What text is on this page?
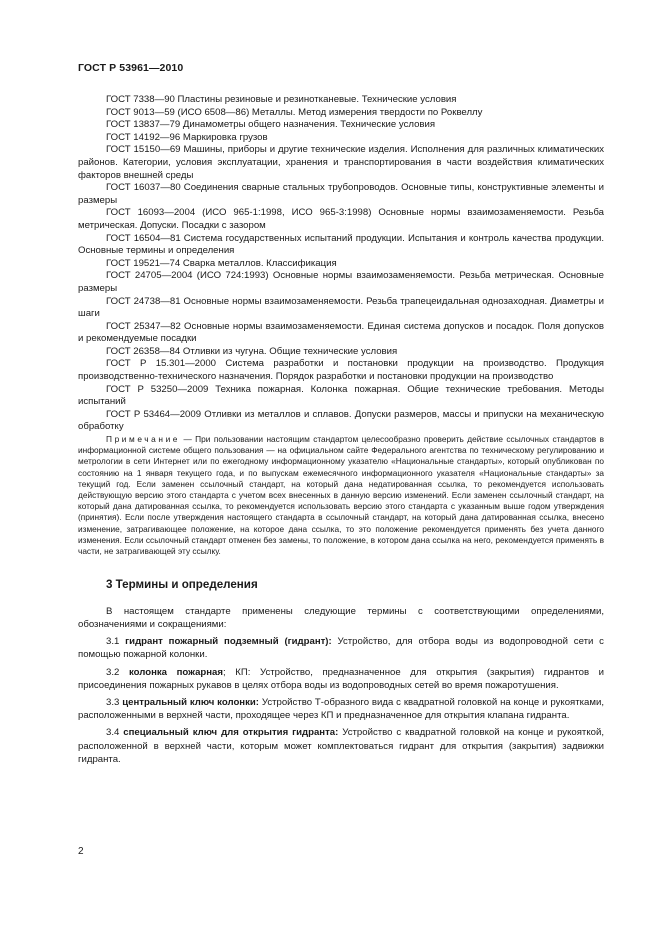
ГОСТ Р 53961—2010

ГОСТ 7338—90 Пластины резиновые и резинотканевые. Технические условия

ГОСТ 9013—59 (ИСО 6508—86) Металлы. Метод измерения твердости по Роквеллу

ГОСТ 13837—79 Динамометры общего назначения. Технические условия

ГОСТ 14192—96 Маркировка грузов

ГОСТ 15150—69 Машины, приборы и другие технические изделия. Исполнения для различных климатических районов. Категории, условия эксплуатации, хранения и транспортирования в части воздействия климатических факторов внешней среды

ГОСТ 16037—80 Соединения сварные стальных трубопроводов. Основные типы, конструктивные элементы и размеры

ГОСТ 16093—2004 (ИСО 965-1:1998, ИСО 965-3:1998) Основные нормы взаимозаменяемости. Резьба метрическая. Допуски. Посадки с зазором

ГОСТ 16504—81 Система государственных испытаний продукции. Испытания и контроль качества продукции. Основные термины и определения

ГОСТ 19521—74 Сварка металлов. Классификация

ГОСТ 24705—2004 (ИСО 724:1993) Основные нормы взаимозаменяемости. Резьба метрическая. Основные размеры

ГОСТ 24738—81 Основные нормы взаимозаменяемости. Резьба трапецеидальная однозаходная. Диаметры и шаги

ГОСТ 25347—82 Основные нормы взаимозаменяемости. Единая система допусков и посадок. Поля допусков и рекомендуемые посадки

ГОСТ 26358—84 Отливки из чугуна. Общие технические условия

ГОСТ Р 15.301—2000 Система разработки и постановки продукции на производство. Продукция производственно-технического назначения. Порядок разработки и постановки продукции на производство

ГОСТ Р 53250—2009 Техника пожарная. Колонка пожарная. Общие технические требования. Методы испытаний

ГОСТ Р 53464—2009 Отливки из металлов и сплавов. Допуски размеров, массы и припуски на механическую обработку

Примечание — При пользовании настоящим стандартом целесообразно проверить действие ссылочных стандартов в информационной системе общего пользования — на официальном сайте Федерального агентства по техническому регулированию и метрологии в сети Интернет или по ежегодному информационному указателю «Национальные стандарты», который опубликован по состоянию на 1 января текущего года, и по выпускам ежемесячного информационного указателя «Национальные стандарты» за текущий год. Если заменен ссылочный стандарт, на который дана недатированная ссылка, то рекомендуется использовать действующую версию этого стандарта с учетом всех внесенных в данную версию изменений. Если заменен ссылочный стандарт, на который дана датированная ссылка, то рекомендуется использовать версию этого стандарта с указанным выше годом утверждения (принятия). Если после утверждения настоящего стандарта в ссылочный стандарт, на который дана датированная ссылка, внесено изменение, затрагивающее положение, на которое дана ссылка, то это положение рекомендуется применять без учета данного изменения. Если ссылочный стандарт отменен без замены, то положение, в котором дана ссылка на него, рекомендуется применять в части, не затрагивающей эту ссылку.

3 Термины и определения

В настоящем стандарте применены следующие термины с соответствующими определениями, обозначениями и сокращениями:

3.1 гидрант пожарный подземный (гидрант): Устройство, для отбора воды из водопроводной сети с помощью пожарной колонки.

3.2 колонка пожарная; КП: Устройство, предназначенное для открытия (закрытия) гидрантов и присоединения пожарных рукавов в целях отбора воды из водопроводных сетей во время пожаротушения.

3.3 центральный ключ колонки: Устройство Т-образного вида с квадратной головкой на конце и рукоятками, расположенными в верхней части, проходящее через КП и предназначенное для открытия клапана гидранта.

3.4 специальный ключ для открытия гидранта: Устройство с квадратной головкой на конце и рукояткой, расположенной в верхней части, которым может комплектоваться гидрант для открытия (закрытия) задвижки гидранта.

2
